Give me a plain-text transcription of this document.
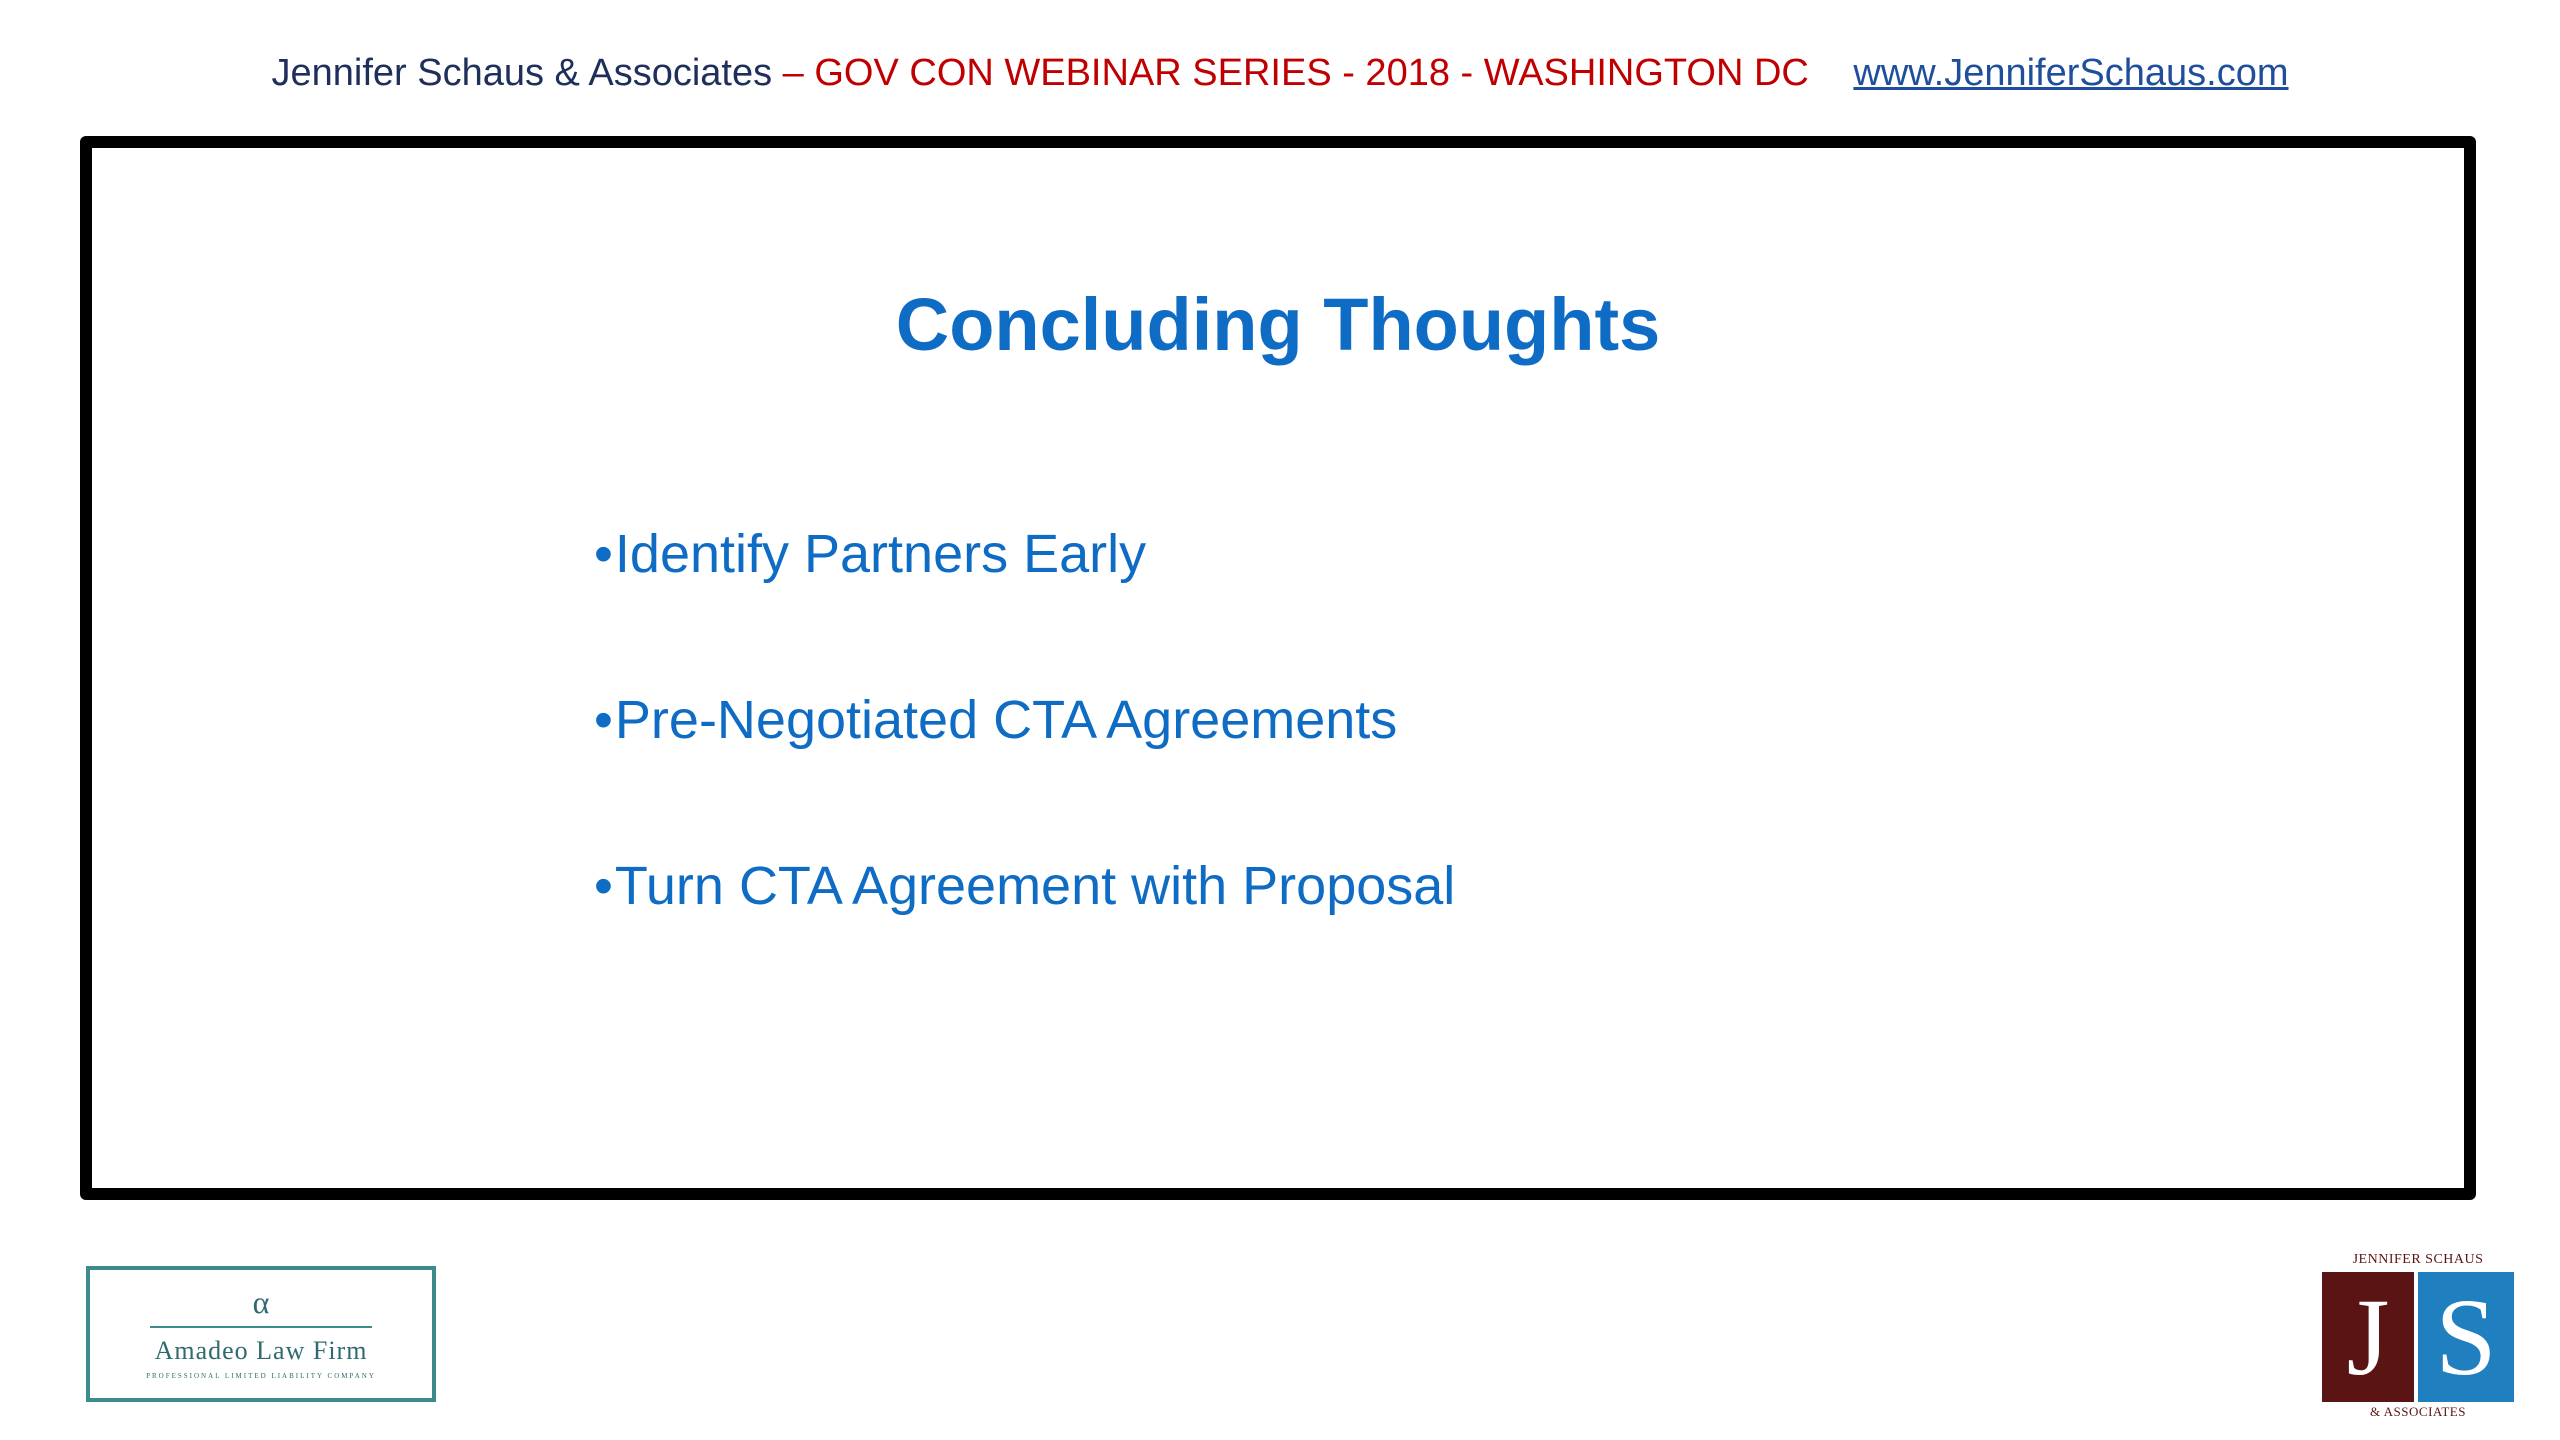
Jennifer Schaus & Associates – GOV CON WEBINAR SERIES - 2018 - WASHINGTON DC www.JenniferSchaus.com
Concluding Thoughts
•Identify Partners Early
•Pre-Negotiated CTA Agreements
•Turn CTA Agreement with Proposal
α
Amadeo Law Firm
PROFESSIONAL LIMITED LIABILITY COMPANY
JENNIFER SCHAUS
J S
& ASSOCIATES
